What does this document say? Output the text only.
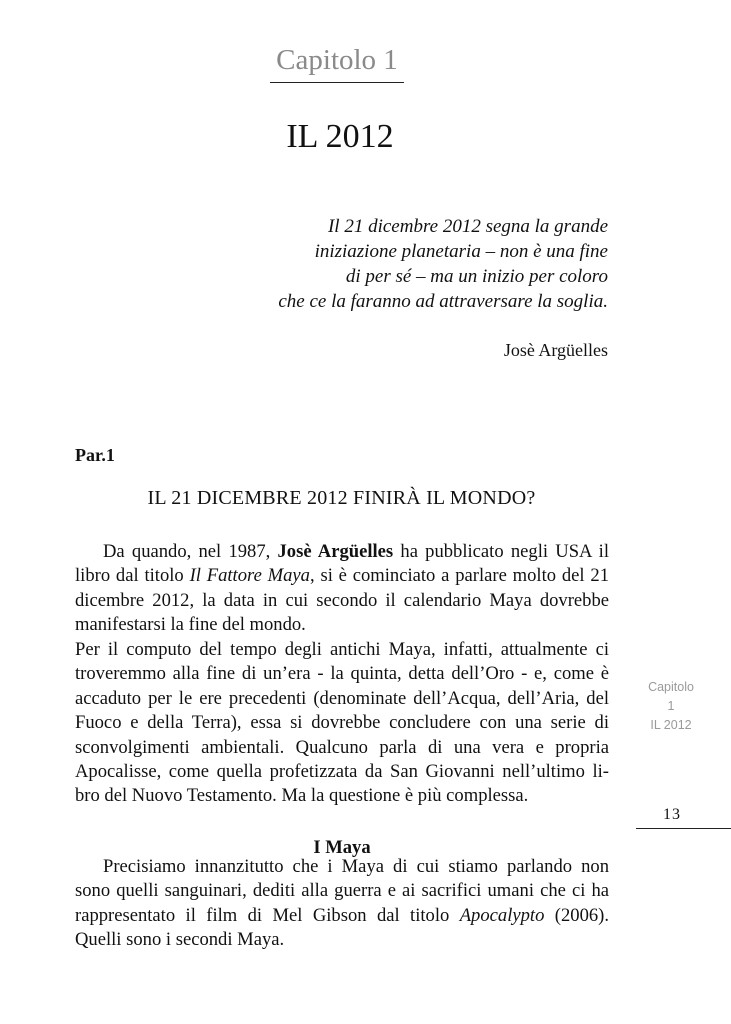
Capitolo 1
IL 2012
Il 21 dicembre 2012 segna la grande
iniziazione planetaria – non è una fine
di per sé – ma un inizio per coloro
che ce la faranno ad attraversare la soglia.
Josè Argüelles
Par.1
IL 21 DICEMBRE 2012 FINIRÀ IL MONDO?
Da quando, nel 1987, Josè Argüelles ha pubblicato negli USA il
libro dal titolo Il Fattore Maya, si è cominciato a parlare molto del 21
dicembre 2012, la data in cui secondo il calendario Maya dovrebbe
manifestarsi la fine del mondo.
Per il computo del tempo degli antichi Maya, infatti, attualmente ci
troveremmo alla fine di un’era - la quinta, detta dell’Oro - e, come è
accaduto per le ere precedenti (denominate dell’Acqua, dell’Aria, del
Fuoco e della Terra), essa si dovrebbe concludere con una serie di
sconvolgimenti ambientali. Qualcuno parla di una vera e propria
Apocalisse, come quella profetizzata da San Giovanni nell’ultimo li-
bro del Nuovo Testamento. Ma la questione è più complessa.
I Maya
Precisiamo innanzitutto che i Maya di cui stiamo parlando non
sono quelli sanguinari, dediti alla guerra e ai sacrifici umani che ci ha
rappresentato il film di Mel Gibson dal titolo Apocalypto (2006).
Quelli sono i secondi Maya.
Capitolo
1
IL 2012
13
